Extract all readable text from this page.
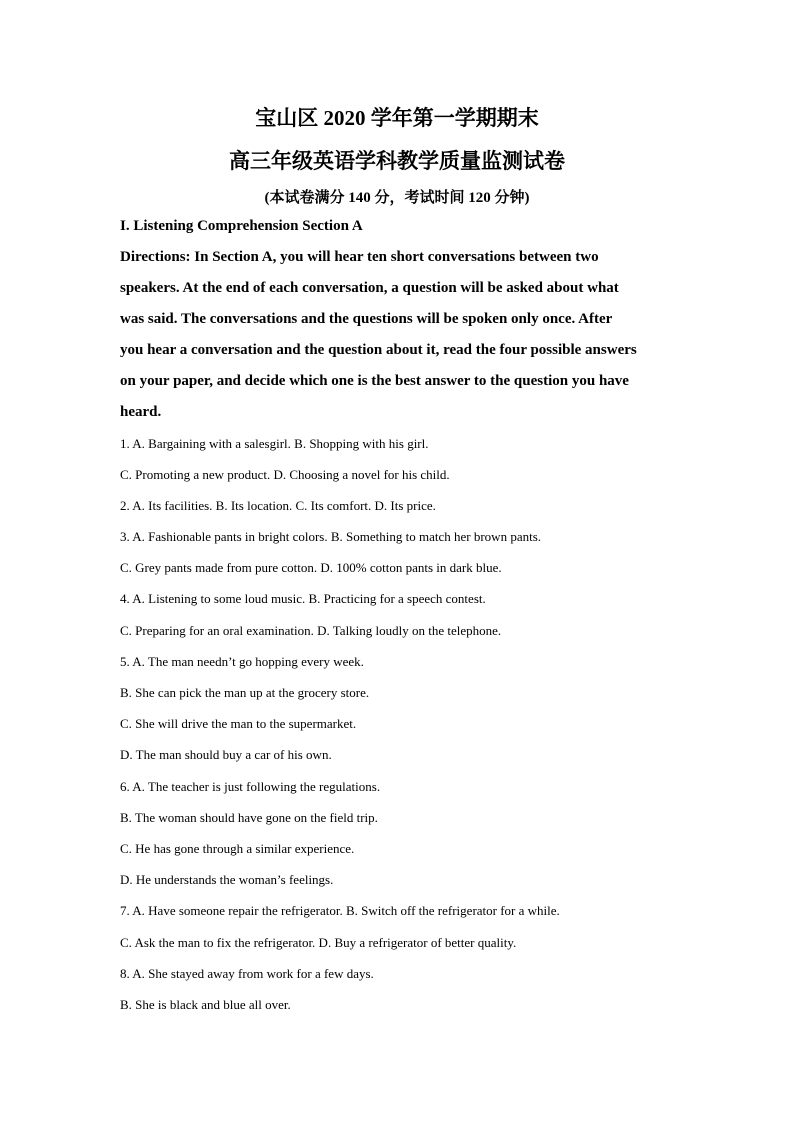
宝山区 2020 学年第一学期期末
高三年级英语学科教学质量监测试卷
(本试卷满分 140 分，考试时间 120 分钟)
I. Listening Comprehension Section A
Directions: In Section A, you will hear ten short conversations between two
speakers. At the end of each conversation, a question will be asked about what
was said. The conversations and the questions will be spoken only once. After
you hear a conversation and the question about it, read the four possible answers
on your paper, and decide which one is the best answer to the question you have
heard.
1. A. Bargaining with a salesgirl. B. Shopping with his girl.
C. Promoting a new product. D. Choosing a novel for his child.
2. A. Its facilities. B. Its location. C. Its comfort. D. Its price.
3. A. Fashionable pants in bright colors. B. Something to match her brown pants.
C. Grey pants made from pure cotton. D. 100% cotton pants in dark blue.
4. A. Listening to some loud music. B. Practicing for a speech contest.
C. Preparing for an oral examination. D. Talking loudly on the telephone.
5. A. The man needn’t go hopping every week.
B. She can pick the man up at the grocery store.
C. She will drive the man to the supermarket.
D. The man should buy a car of his own.
6. A. The teacher is just following the regulations.
B. The woman should have gone on the field trip.
C. He has gone through a similar experience.
D. He understands the woman’s feelings.
7. A. Have someone repair the refrigerator. B. Switch off the refrigerator for a while.
C. Ask the man to fix the refrigerator. D. Buy a refrigerator of better quality.
8. A. She stayed away from work for a few days.
B. She is black and blue all over.
